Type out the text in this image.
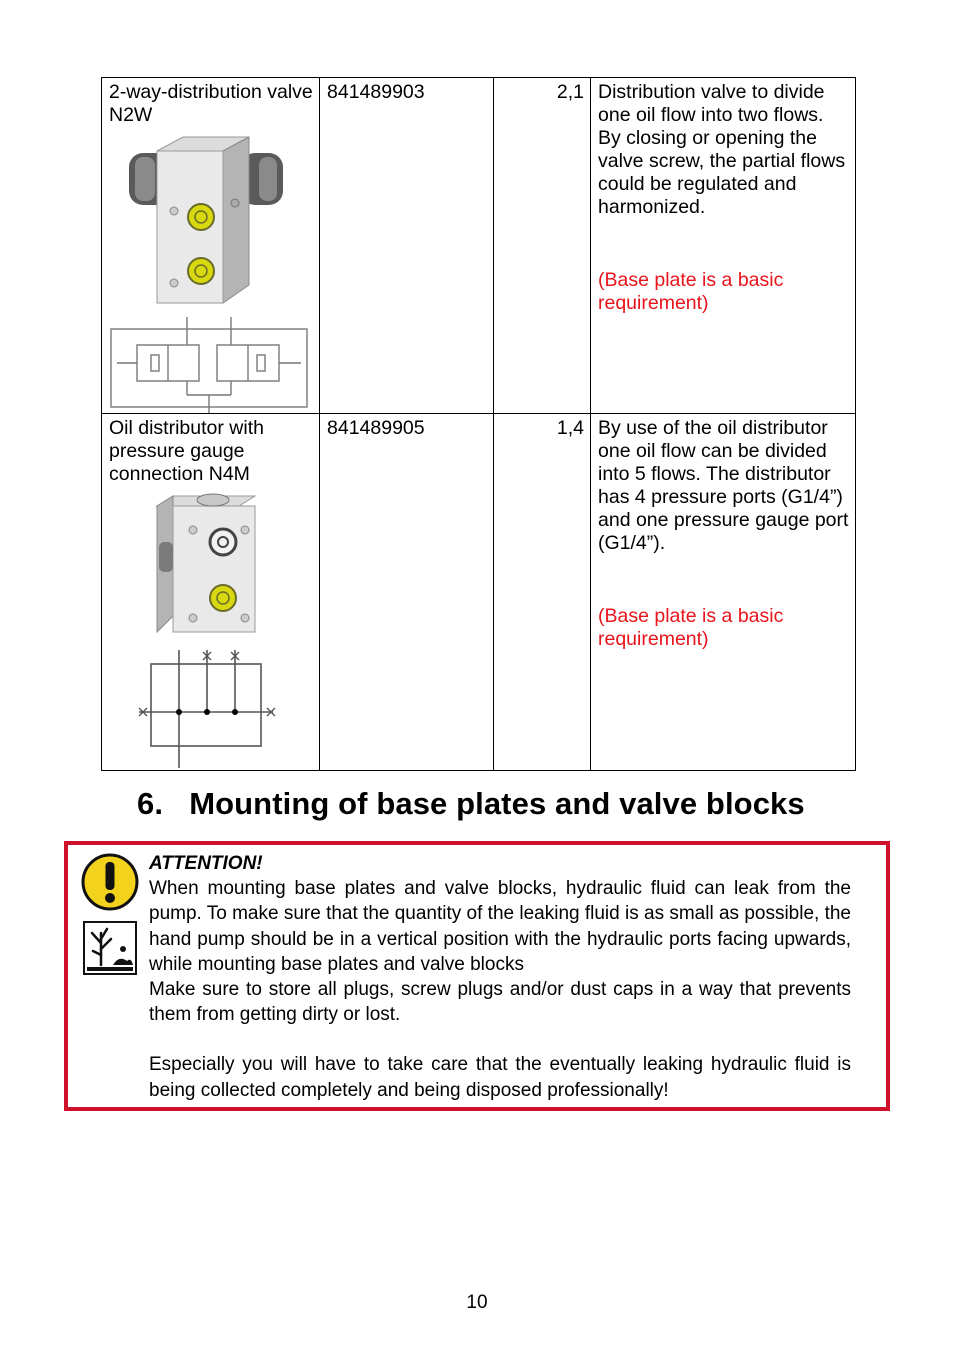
2-way-distribution valve N2W	841489903	2,1	Distribution valve to divide one oil flow into two flows. By closing or opening the valve screw, the partial flows could be regulated and harmonized.
(Base plate is a basic requirement)

Oil distributor with pressure gauge connection N4M	841489905	1,4	By use of the oil distributor one oil flow can be divided into 5 flows. The distributor has 4 pressure ports (G1/4”) and one pressure gauge port (G1/4”).
(Base plate is a basic requirement)
6.   Mounting of base plates and valve blocks
ATTENTION!

When mounting base plates and valve blocks, hydraulic fluid can leak from the pump. To make sure that the quantity of the leaking fluid is as small as possible, the hand pump should be in a vertical position with the hydraulic ports facing upwards, while mounting base plates and valve blocks

Make sure to store all plugs, screw plugs and/or dust caps in a way that prevents them from getting dirty or lost.

Especially you will have to take care that the eventually leaking hydraulic fluid is being collected completely and being disposed professionally!

10
